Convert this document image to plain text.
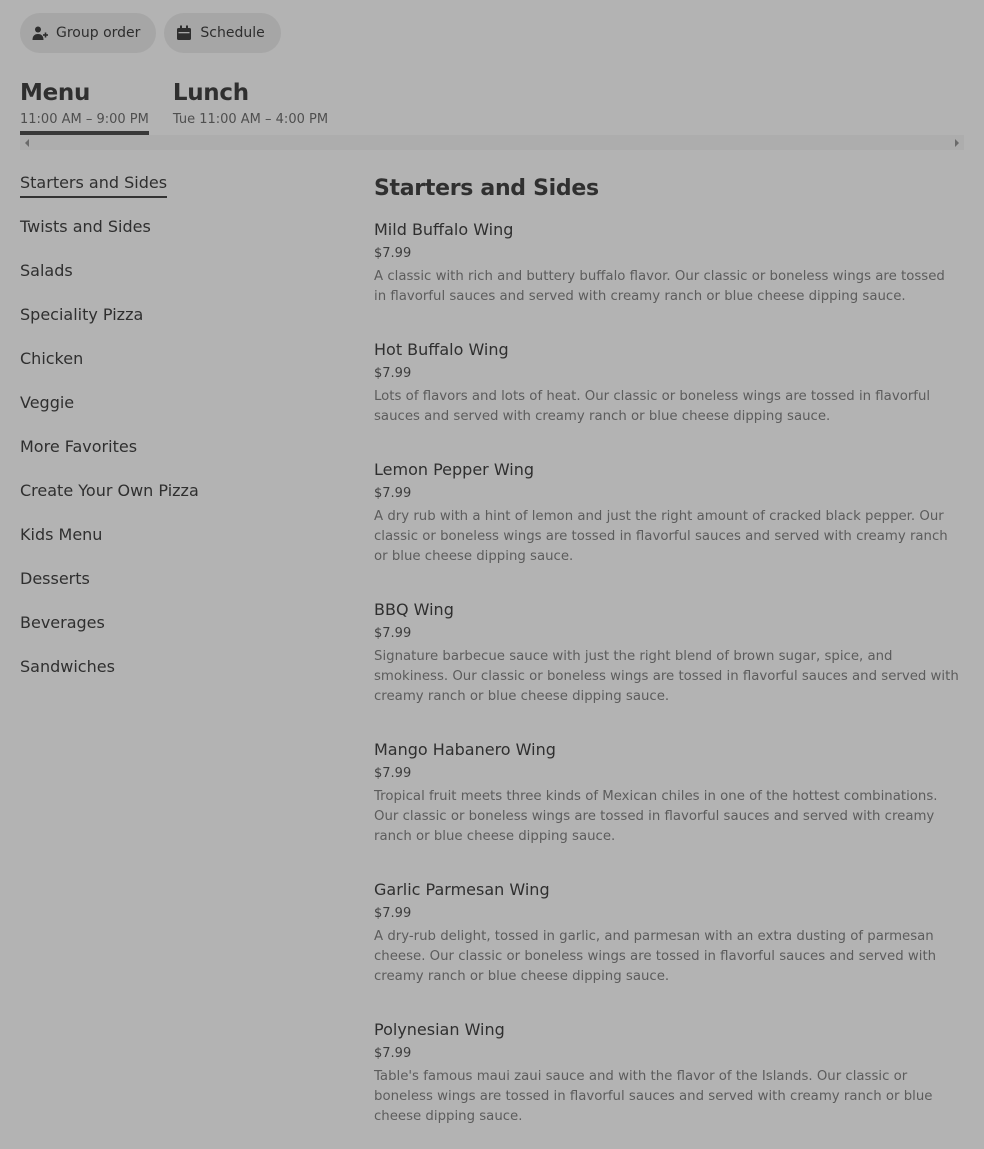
Group order	Schedule
Menu
11:00 AM – 9:00 PM
Lunch
Tue 11:00 AM – 4:00 PM
Starters and Sides
Twists and Sides
Salads
Speciality Pizza
Chicken
Veggie
More Favorites
Create Your Own Pizza
Kids Menu
Desserts
Beverages
Sandwiches
Starters and Sides
Mild Buffalo Wing
$7.99
A classic with rich and buttery buffalo flavor. Our classic or boneless wings are tossed in flavorful sauces and served with creamy ranch or blue cheese dipping sauce.
Hot Buffalo Wing
$7.99
Lots of flavors and lots of heat. Our classic or boneless wings are tossed in flavorful sauces and served with creamy ranch or blue cheese dipping sauce.
Lemon Pepper Wing
$7.99
A dry rub with a hint of lemon and just the right amount of cracked black pepper. Our classic or boneless wings are tossed in flavorful sauces and served with creamy ranch or blue cheese dipping sauce.
BBQ Wing
$7.99
Signature barbecue sauce with just the right blend of brown sugar, spice, and smokiness. Our classic or boneless wings are tossed in flavorful sauces and served with creamy ranch or blue cheese dipping sauce.
Mango Habanero Wing
$7.99
Tropical fruit meets three kinds of Mexican chiles in one of the hottest combinations. Our classic or boneless wings are tossed in flavorful sauces and served with creamy ranch or blue cheese dipping sauce.
Garlic Parmesan Wing
$7.99
A dry-rub delight, tossed in garlic, and parmesan with an extra dusting of parmesan cheese. Our classic or boneless wings are tossed in flavorful sauces and served with creamy ranch or blue cheese dipping sauce.
Polynesian Wing
$7.99
Table's famous maui zaui sauce and with the flavor of the Islands. Our classic or boneless wings are tossed in flavorful sauces and served with creamy ranch or blue cheese dipping sauce.
